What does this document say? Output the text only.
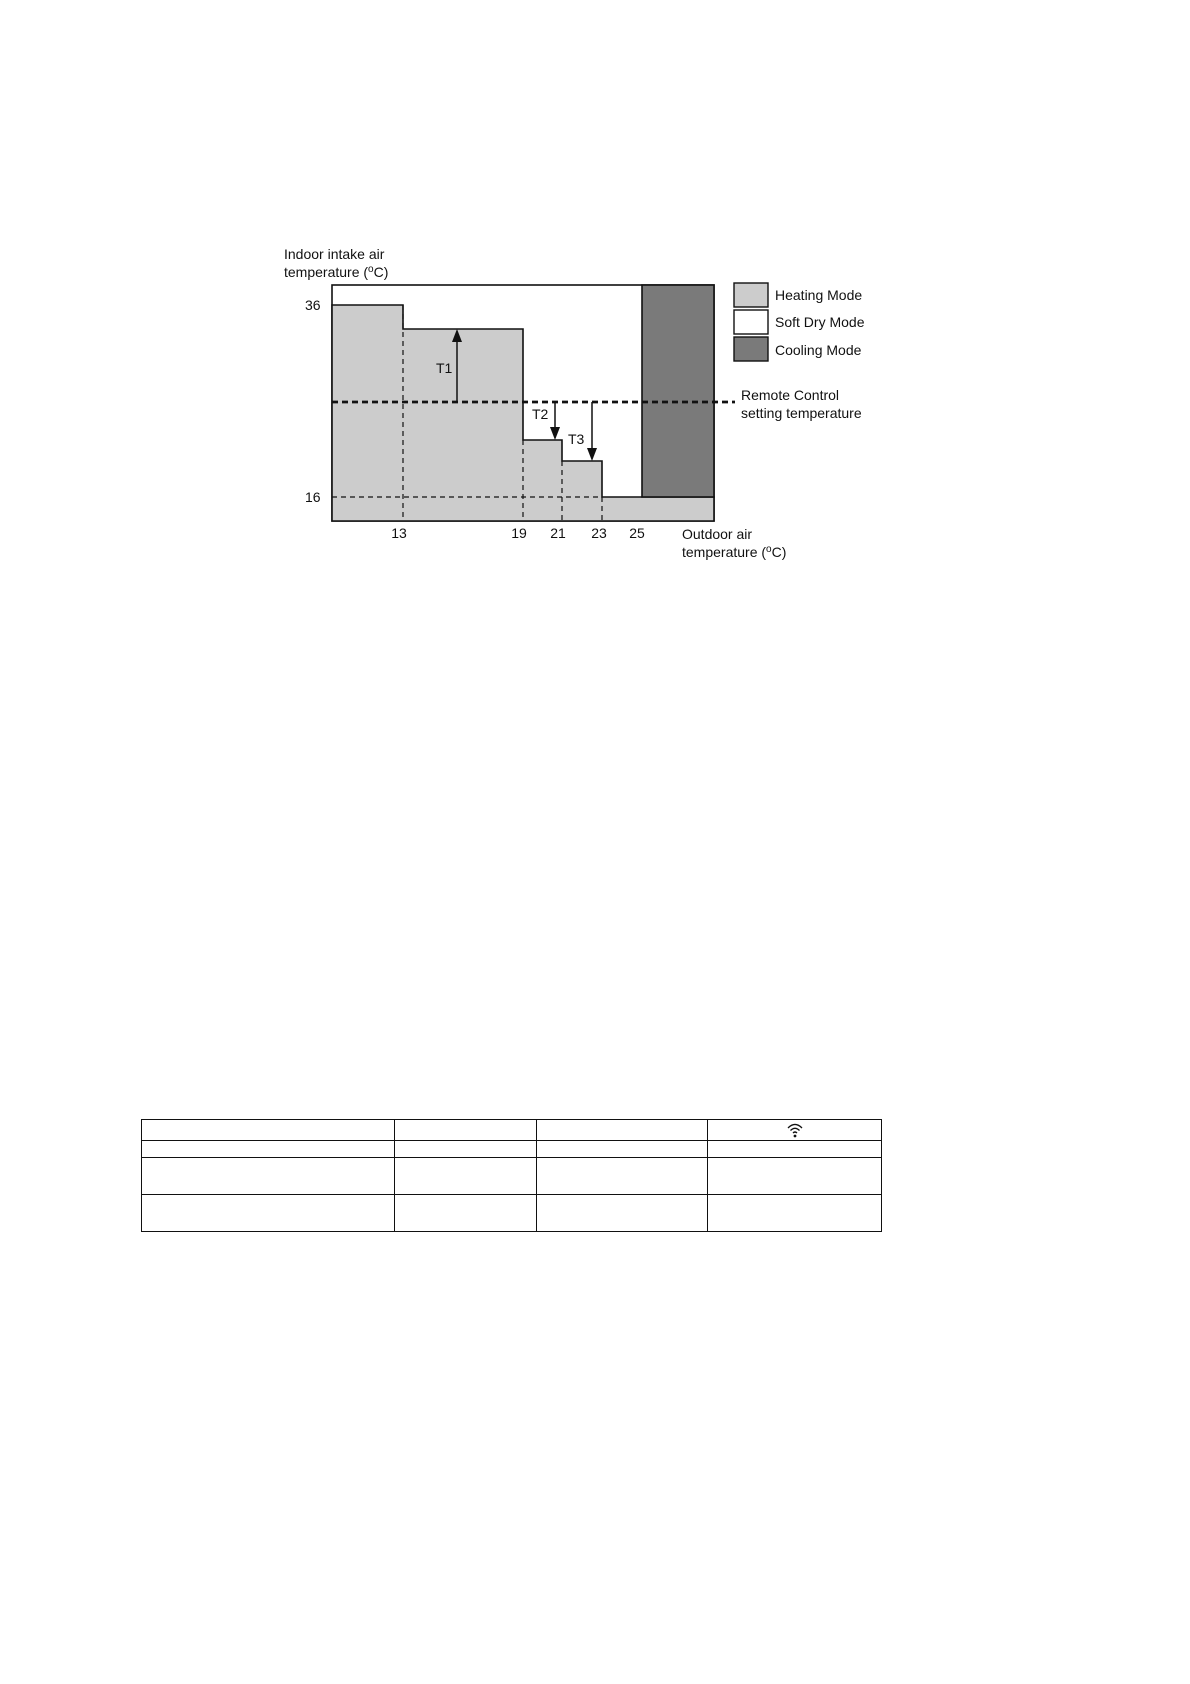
Indoor intake air
temperature ($^o$C)
T1
T2
T3
36
16
13	19 21 23 25	Outdoor air
temperature ($^o$C)
Heating Mode
Soft Dry Mode
Cooling Mode
Remote Control
setting temperature
